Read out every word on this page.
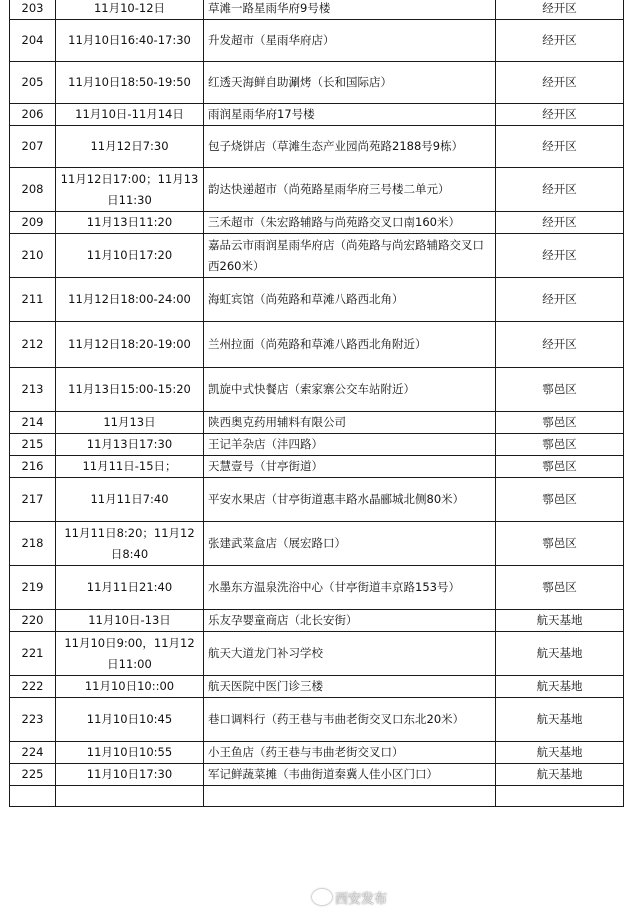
203	11月10-12日	草滩一路星雨华府9号楼	经开区
204	11月10日16:40-17:30	升发超市（星雨华府店）	经开区
205	11月10日18:50-19:50	红透天海鲜自助涮烤（长和国际店）	经开区
206	11月10日-11月14日	雨润星雨华府17号楼	经开区
207	11月12日7:30	包子烧饼店（草滩生态产业园尚苑路2188号9栋）	经开区
208	11月12日17:00；11月13日11:30	韵达快递超市（尚苑路星雨华府三号楼二单元）	经开区
209	11月13日11:20	三禾超市（朱宏路辅路与尚苑路交叉口南160米）	经开区
210	11月10日17:20	嘉品云市雨润星雨华府店（尚苑路与尚宏路辅路交叉口西260米）	经开区
211	11月12日18:00-24:00	海虹宾馆（尚苑路和草滩八路西北角）	经开区
212	11月12日18:20-19:00	兰州拉面（尚苑路和草滩八路西北角附近）	经开区
213	11月13日15:00-15:20	凯旋中式快餐店（索家寨公交车站附近）	鄠邑区
214	11月13日	陕西奥克药用辅料有限公司	鄠邑区
215	11月13日17:30	王记羊杂店（沣四路）	鄠邑区
216	11月11日-15日；	天慧壹号（甘亭街道）	鄠邑区
217	11月11日7:40	平安水果店（甘亭街道惠丰路水晶郦城北侧80米）	鄠邑区
218	11月11日8:20；11月12日8:40	张建武菜盒店（展宏路口）	鄠邑区
219	11月11日21:40	水墨东方温泉洗浴中心（甘亭街道丰京路153号）	鄠邑区
220	11月10日-13日	乐友孕婴童商店（北长安街）	航天基地
221	11月10日9:00，11月12日11:00	航天大道龙门补习学校	航天基地
222	11月10日10::00	航天医院中医门诊三楼	航天基地
223	11月10日10:45	巷口调料行（药王巷与韦曲老街交叉口东北20米）	航天基地
224	11月10日10:55	小王鱼店（药王巷与韦曲老街交叉口）	航天基地
225	11月10日17:30	军记鲜蔬菜摊（韦曲街道秦冀人佳小区门口）	航天基地

西安发布
